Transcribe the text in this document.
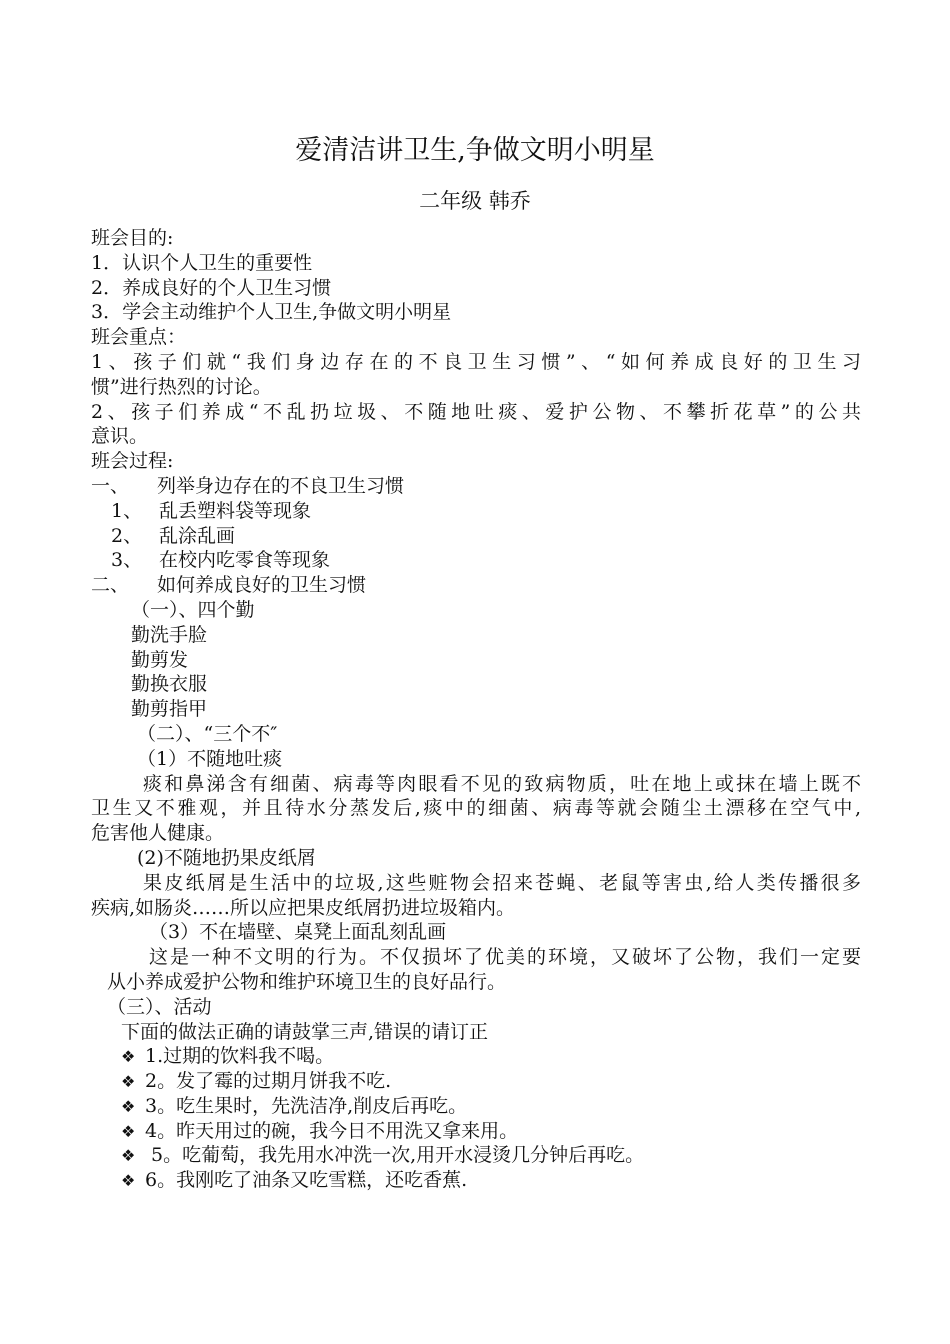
爱清洁讲卫生,争做文明小明星
二年级 韩乔
班会目的:
1．认识个人卫生的重要性
2．养成良好的个人卫生习惯
3．学会主动维护个人卫生,争做文明小明星
班会重点：
1、孩子们就“我们身边存在的不良卫生习惯”、“如何养成良好的卫生习
惯”进行热烈的讨论。
2、孩子们养成“不乱扔垃圾、不随地吐痰、爱护公物、不攀折花草”的公共
意识。
班会过程:
一、 列举身边存在的不良卫生习惯
1、 乱丢塑料袋等现象
2、 乱涂乱画
3、 在校内吃零食等现象
二、 如何养成良好的卫生习惯
（一）、四个勤
勤洗手脸
勤剪发
勤换衣服
勤剪指甲
（二）、“三个不″
（1）不随地吐痰
痰和鼻涕含有细菌、病毒等肉眼看不见的致病物质，吐在地上或抹在墙上既不
卫生又不雅观，并且待水分蒸发后,痰中的细菌、病毒等就会随尘土漂移在空气中,
危害他人健康。
(2)不随地扔果皮纸屑
果皮纸屑是生活中的垃圾,这些赃物会招来苍蝇、老鼠等害虫,给人类传播很多
疾病,如肠炎……所以应把果皮纸屑扔进垃圾箱内。
（3）不在墙壁、桌凳上面乱刻乱画
这是一种不文明的行为。不仅损坏了优美的环境，又破坏了公物，我们一定要
从小养成爱护公物和维护环境卫生的良好品行。
（三）、活动
下面的做法正确的请鼓掌三声,错误的请订正
❖ 1.过期的饮料我不喝。
❖ 2。发了霉的过期月饼我不吃.
❖ 3。吃生果时，先洗洁净,削皮后再吃。
❖ 4。昨天用过的碗，我今日不用洗又拿来用。
❖ 5。吃葡萄，我先用水冲洗一次,用开水浸烫几分钟后再吃。
❖ 6。我刚吃了油条又吃雪糕，还吃香蕉.
